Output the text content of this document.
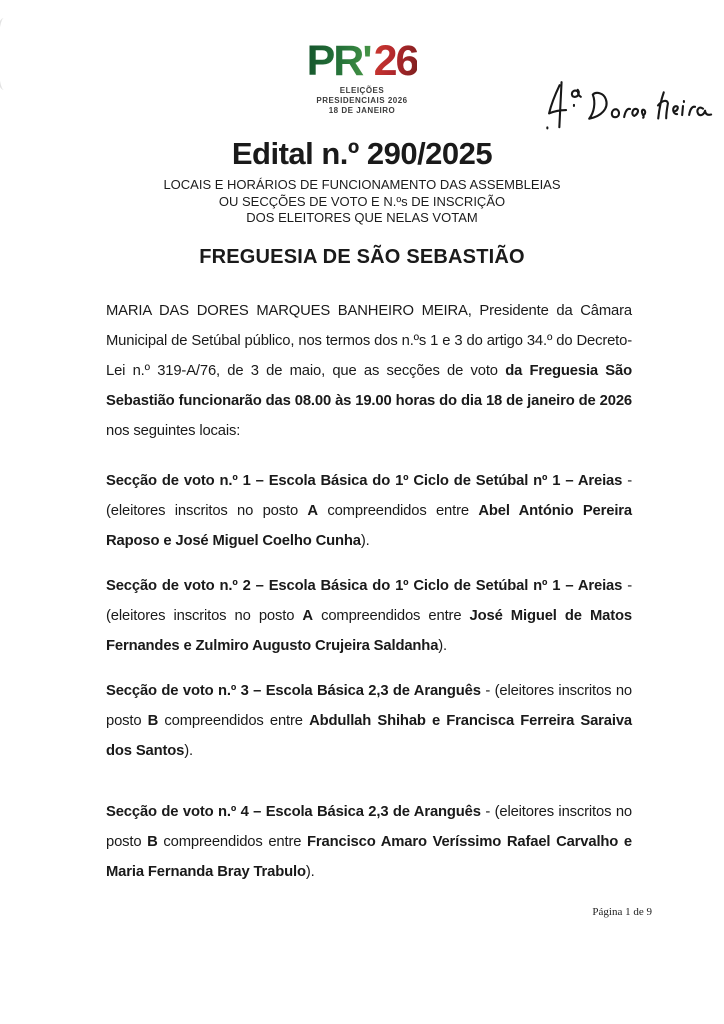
PR'26
ELEIÇÕES
PRESIDENCIAIS 2026
18 DE JANEIRO
Edital n.º 290/2025
LOCAIS E HORÁRIOS DE FUNCIONAMENTO DAS ASSEMBLEIAS
OU SECÇÕES DE VOTO E N.ºs DE INSCRIÇÃO
DOS ELEITORES QUE NELAS VOTAM
FREGUESIA DE SÃO SEBASTIÃO

MARIA DAS DORES MARQUES BANHEIRO MEIRA, Presidente da Câmara Municipal de Setúbal público, nos termos dos n.ºs 1 e 3 do artigo 34.º do Decreto-Lei n.º 319-A/76, de 3 de maio, que as secções de voto da Freguesia São Sebastião funcionarão das 08.00 às 19.00 horas do dia 18 de janeiro de 2026 nos seguintes locais:

Secção de voto n.º 1 – Escola Básica do 1º Ciclo de Setúbal nº 1 – Areias - (eleitores inscritos no posto A compreendidos entre Abel António Pereira Raposo e José Miguel Coelho Cunha).

Secção de voto n.º 2 – Escola Básica do 1º Ciclo de Setúbal nº 1 – Areias - (eleitores inscritos no posto A compreendidos entre José Miguel de Matos Fernandes e Zulmiro Augusto Crujeira Saldanha).

Secção de voto n.º 3 – Escola Básica 2,3 de Aranguês - (eleitores inscritos no posto B compreendidos entre Abdullah Shihab e Francisca Ferreira Saraiva dos Santos).

Secção de voto n.º 4 – Escola Básica 2,3 de Aranguês - (eleitores inscritos no posto B compreendidos entre Francisco Amaro Veríssimo Rafael Carvalho e Maria Fernanda Bray Trabulo).

Página 1 de 9
